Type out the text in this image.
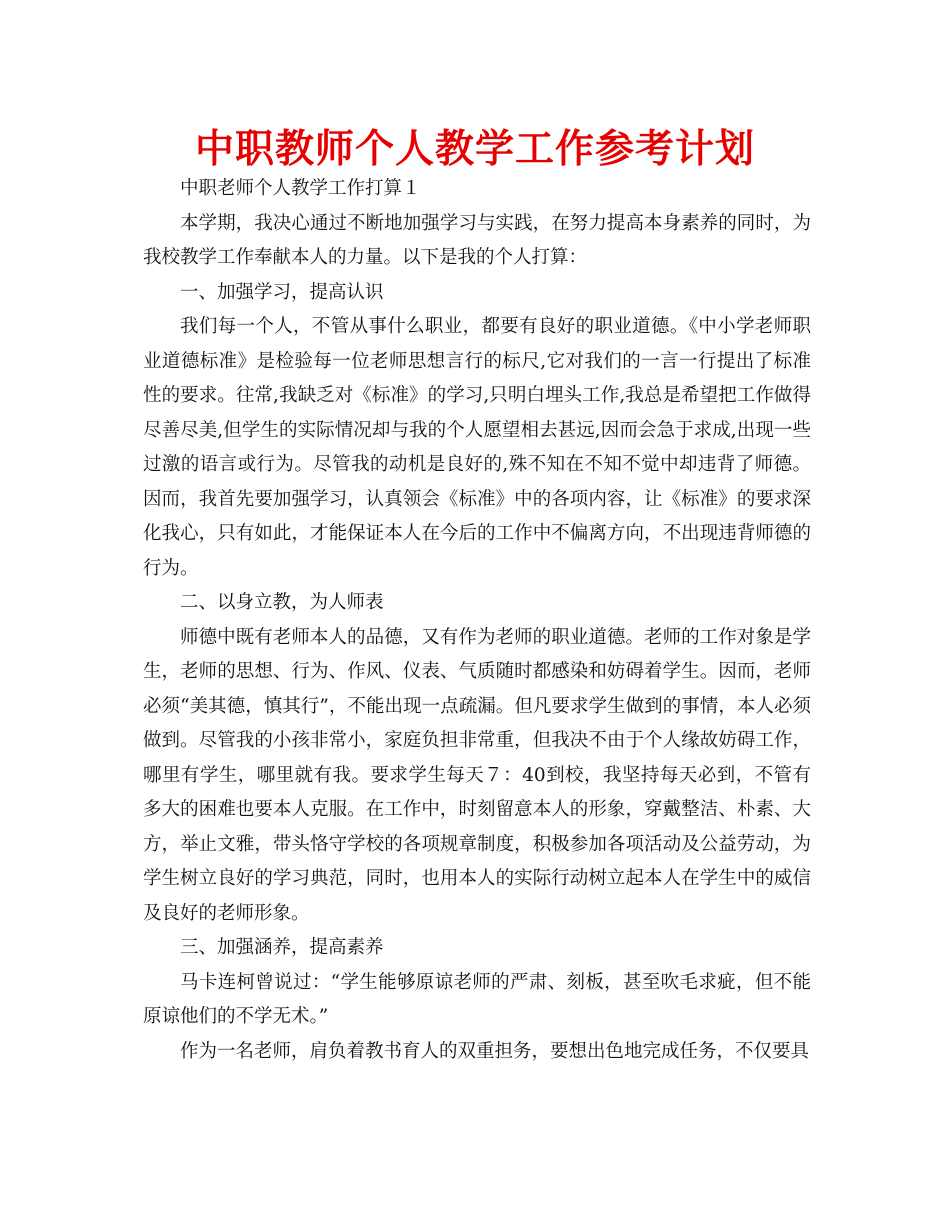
中职教师个人教学工作参考计划

中职老师个人教学工作打算１

本学期，我决心通过不断地加强学习与实践，在努力提高本身素养的同时，为我校教学工作奉献本人的力量。以下是我的个人打算：

一、加强学习，提高认识

我们每一个人，不管从事什么职业，都要有良好的职业道德。《中小学老师职业道德标准》是检验每一位老师思想言行的标尺,它对我们的一言一行提出了标准性的要求。往常,我缺乏对《标准》的学习,只明白埋头工作,我总是希望把工作做得尽善尽美,但学生的实际情况却与我的个人愿望相去甚远,因而会急于求成,出现一些过激的语言或行为。尽管我的动机是良好的,殊不知在不知不觉中却违背了师德。因而，我首先要加强学习，认真领会《标准》中的各项内容，让《标准》的要求深化我心，只有如此，才能保证本人在今后的工作中不偏离方向，不出现违背师德的行为。

二、以身立教，为人师表

师德中既有老师本人的品德，又有作为老师的职业道德。老师的工作对象是学生，老师的思想、行为、作风、仪表、气质随时都感染和妨碍着学生。因而，老师必须“美其德，慎其行”，不能出现一点疏漏。但凡要求学生做到的事情，本人必须做到。尽管我的小孩非常小，家庭负担非常重，但我决不由于个人缘故妨碍工作，哪里有学生，哪里就有我。要求学生每天７：40到校，我坚持每天必到，不管有多大的困难也要本人克服。在工作中，时刻留意本人的形象，穿戴整洁、朴素、大方，举止文雅，带头恪守学校的各项规章制度，积极参加各项活动及公益劳动，为学生树立良好的学习典范，同时，也用本人的实际行动树立起本人在学生中的威信及良好的老师形象。

三、加强涵养，提高素养

马卡连柯曾说过：“学生能够原谅老师的严肃、刻板，甚至吹毛求疵，但不能原谅他们的不学无术。”

作为一名老师，肩负着教书育人的双重担务，要想出色地完成任务，不仅要具
